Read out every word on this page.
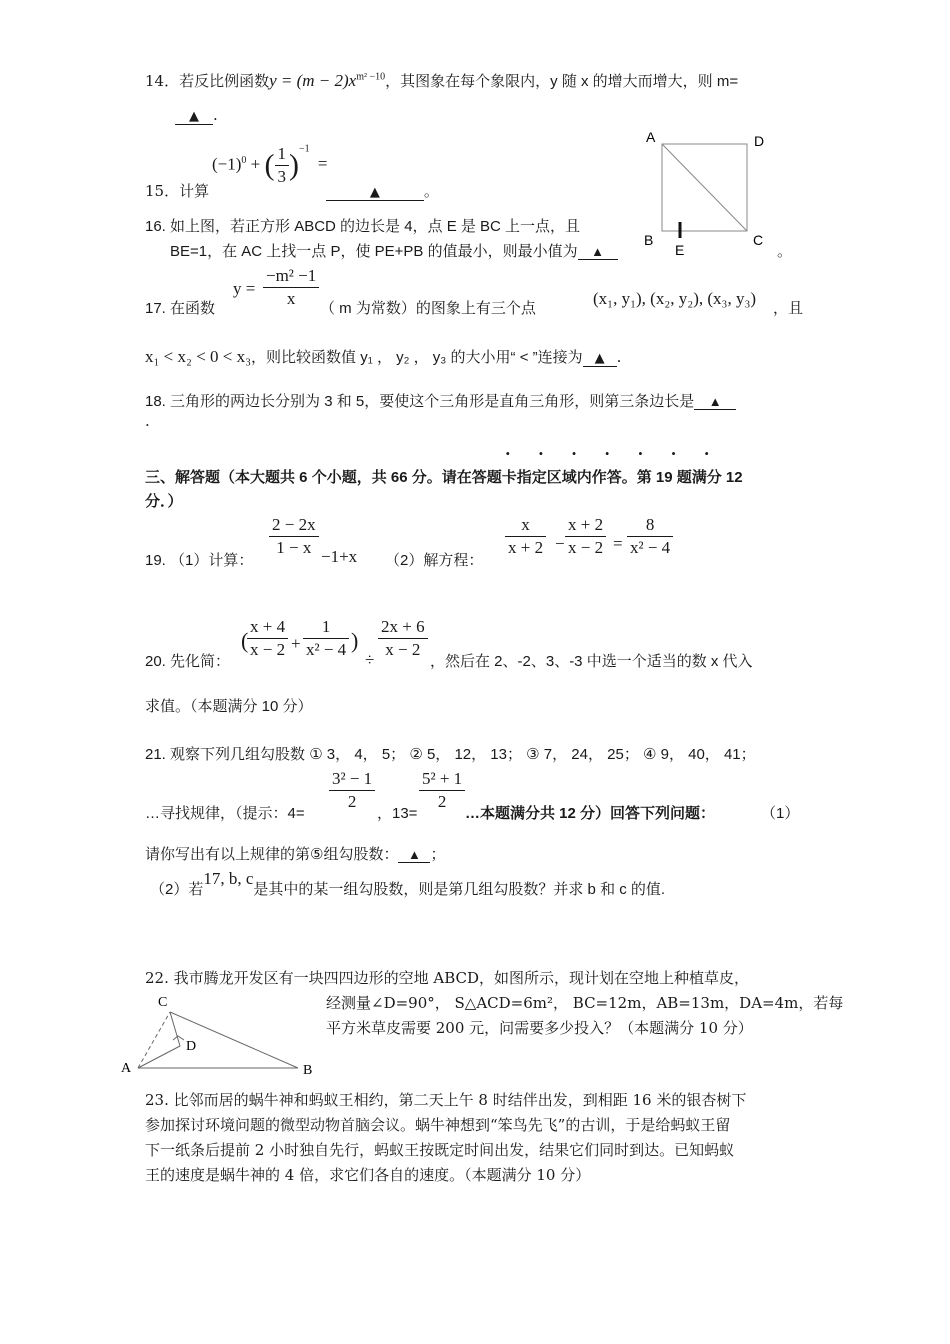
14．若反比例函数$y = (m - 2)x^{m^2 -10}$，其图象在每个象限内，y 随 x 的增大而增大，则 m=
▲ .
$(-1)^0$ + ( $\frac{1}{3} )^{-1}$ =
15．计算	▲	。
A	D
B	C
E
16. 如上图，若正方形 ABCD 的边长是 4，点 E 是 BC 上一点，且
BE=1，在 AC 上找一点 P，使 PE+PB 的值最小，则最小值为 ▲	。
17. 在函数
$y = \frac{\text{−m² −1}}{x}$ （ m 为常数）的图象上有三个点
(x₁, y₁), (x₂, y₂), (x₃, y₃)
，且
x₁ < x₂ < 0 < x₃，则比较函数值 y₁ ， y₂ ， y₃ 的大小用“ < ”连接为 ▲ .
18. 三角形的两边长分别为 3 和 5，要使这个三角形是直角三角形，则第三条边长是 ▲
.
· · · · · · ·
三、解答题（本大题共 6 个小题，共 66 分。请在答题卡指定区域内作答。第 19 题满分 12
分．）
19. （1）计算：
$\frac{2 - 2x}{1 - x} -1+x$ （2）解方程：
$\frac{x}{x + 2} - \frac{x + 2}{x - 2} = \frac{8}{\text{x² − 4}}$
20. 先化简：
(
$\frac{x + 4}{x - 2} + \frac{1}{\text{x² − 4}}$ )
÷ $\frac{2x + 6}{x - 2}$
，然后在 2、-2、3、-3 中选一个适当的数 x 代入
求值。（本题满分 10 分）
21. 观察下列几组勾股数 ① 3， 4， 5； ② 5， 12， 13； ③ 7， 24， 25； ④ 9， 40， 41；
…寻找规律，（提示：4=
$\frac{\text{3² − 1}}{2}$
，13=
$\frac{\text{5² + 1}}{2}$
…本题满分共 12 分）回答下列问题：	（1）
请你写出有以上规律的第⑤组勾股数： ▲ ；
（2）若17, b, c是其中的某一组勾股数，则是第几组勾股数？并求 b 和 c 的值.
22. 我市腾龙开发区有一块四四边形的空地 ABCD，如图所示，现计划在空地上种植草皮，
经测量∠D=90°， S△ACD=6m²， BC=12m，AB=13m，DA=4m，若每
平方米草皮需要 200 元，问需要多少投入？（本题满分 10 分）
C
D
A	B
23. 比邻而居的蜗牛神和蚂蚁王相约，第二天上午 8 时结伴出发，到相距 16 米的银杏树下
参加探讨环境问题的微型动物首脑会议。蜗牛神想到“笨鸟先飞”的古训，于是给蚂蚁王留
下一纸条后提前 2 小时独自先行，蚂蚁王按既定时间出发，结果它们同时到达。已知蚂蚁
王的速度是蜗牛神的 4 倍，求它们各自的速度。（本题满分 10 分）
